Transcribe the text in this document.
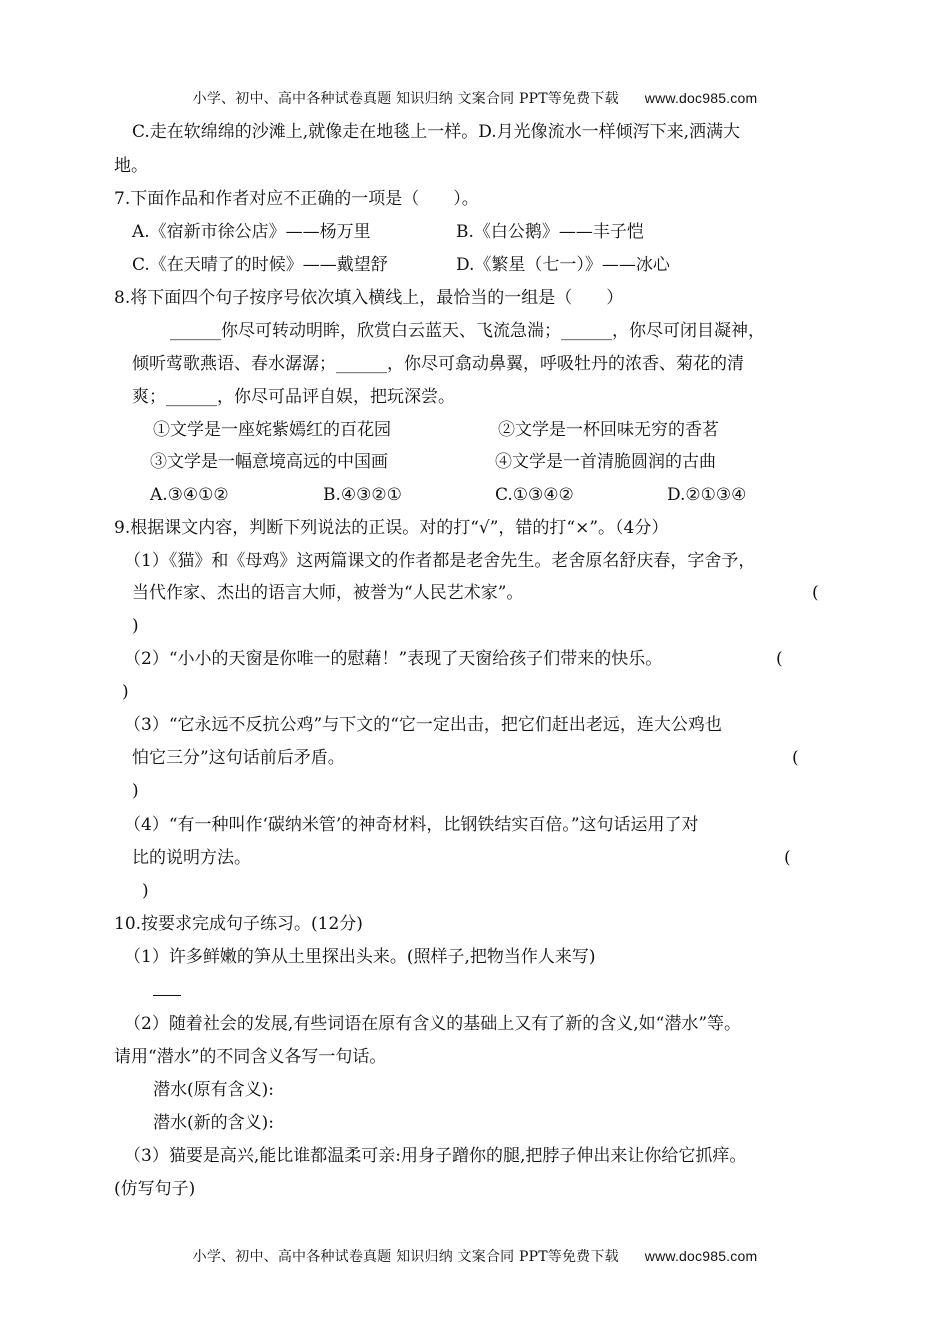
小学、初中、高中各种试卷真题 知识归纳 文案合同 PPT等免费下载 www.doc985.com
C.走在软绵绵的沙滩上,就像走在地毯上一样。D.月光像流水一样倾泻下来,洒满大
地。
7.下面作品和作者对应不正确的一项是（　　）。
A.《宿新市徐公店》——杨万里	B.《白公鹅》——丰子恺
C.《在天晴了的时候》——戴望舒	D.《繁星（七一）》——冰心
8.将下面四个句子按序号依次填入横线上，最恰当的一组是（　　）
______你尽可转动明眸，欣赏白云蓝天、飞流急湍；______，你尽可闭目凝神，
倾听莺歌燕语、春水潺潺；______，你尽可翕动鼻翼，呼吸牡丹的浓香、菊花的清
爽；______，你尽可品评自娱，把玩深尝。
①文学是一座姹紫嫣红的百花园	②文学是一杯回味无穷的香茗
③文学是一幅意境高远的中国画	④文学是一首清脆圆润的古曲
A.③④①②	B.④③②①	C.①③④②	D.②①③④
9.根据课文内容，判断下列说法的正误。对的打“√”，错的打“×”。（4分）
（1）《猫》和《母鸡》这两篇课文的作者都是老舍先生。老舍原名舒庆春，字舍予，
当代作家、杰出的语言大师，被誉为“人民艺术家”。	(
)
（2）“小小的天窗是你唯一的慰藉！”表现了天窗给孩子们带来的快乐。	(
)
（3）“它永远不反抗公鸡”与下文的“它一定出击，把它们赶出老远，连大公鸡也
怕它三分”这句话前后矛盾。	(
)
（4）“有一种叫作‘碳纳米管’的神奇材料，比钢铁结实百倍。”这句话运用了对
比的说明方法。	(
)
10.按要求完成句子练习。(12分)
（1）许多鲜嫩的笋从土里探出头来。(照样子,把物当作人来写)
（2）随着社会的发展,有些词语在原有含义的基础上又有了新的含义,如“潜水”等。
请用“潜水”的不同含义各写一句话。
潜水(原有含义):
潜水(新的含义):
（3）猫要是高兴,能比谁都温柔可亲:用身子蹭你的腿,把脖子伸出来让你给它抓痒。
(仿写句子)
小学、初中、高中各种试卷真题 知识归纳 文案合同 PPT等免费下载 www.doc985.com
